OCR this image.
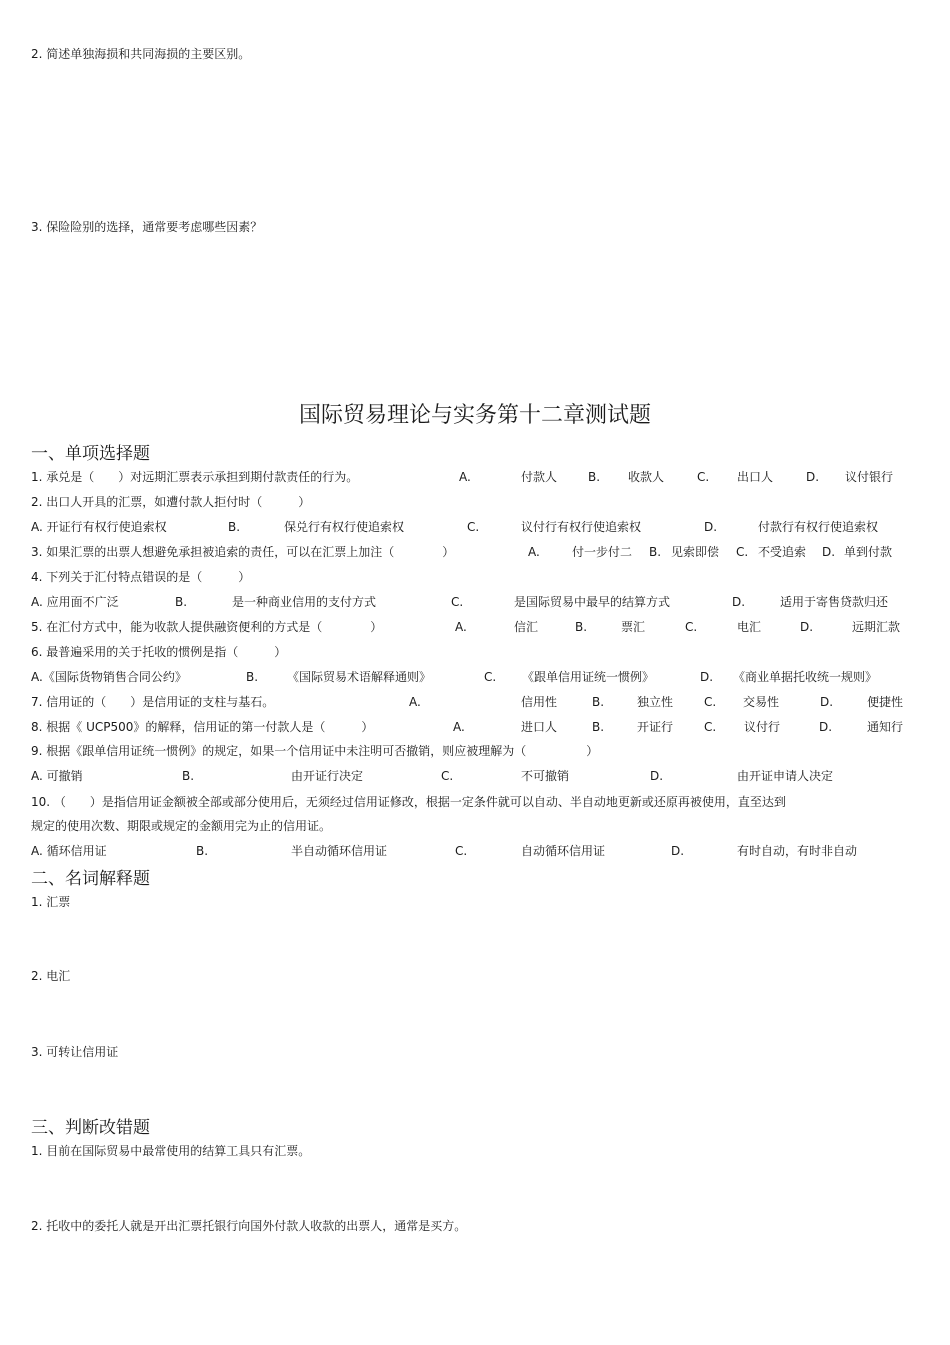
2. 简述单独海损和共同海损的主要区别。
3. 保险险别的选择，通常要考虑哪些因素？
国际贸易理论与实务第十二章测试题
一、单项选择题
1. 承兑是（　　）对远期汇票表示承担到期付款责任的行为。	A.	付款人	B. 收款人	C. 出口人	D. 议付银行
2. 出口人开具的汇票，如遭付款人拒付时（　　　）
A. 开证行有权行使追索权	B.	保兑行有权行使追索权	C.	议付行有权行使追索权	D.	付款行有权行使追索权
3. 如果汇票的出票人想避免承担被追索的责任，可以在汇票上加注（　　　　）	A.	付一步付二 B. 见索即偿 C. 不受追索 D. 单到付款
4. 下列关于汇付特点错误的是（　　　）
A. 应用面不广泛	B.	是一种商业信用的支付方式	C.	是国际贸易中最早的结算方式	D.	适用于寄售贷款归还
5. 在汇付方式中，能为收款人提供融资便利的方式是（　　　　）	A.	信汇	B.	票汇	C.	电汇	D.	远期汇款
6. 最普遍采用的关于托收的惯例是指（　　　）
A.《国际货物销售合同公约》	B. 《国际贸易术语解释通则》	C. 《跟单信用证统一惯例》	D. 《商业单据托收统一规则》
7. 信用证的（　　）是信用证的支柱与基石。	A.	信用性	B.	独立性	C. 交易性	D.	便捷性
8. 根据《 UCP500》的解释，信用证的第一付款人是（　　　）	A.	进口人	B.	开证行	C. 议付行	D.	通知行
9. 根据《跟单信用证统一惯例》的规定，如果一个信用证中未注明可否撤销，则应被理解为（　　　　　）
A. 可撤销	B.	由开证行决定	C.	不可撤销	D.	由开证申请人决定
10. （　　）是指信用证金额被全部或部分使用后，无须经过信用证修改，根据一定条件就可以自动、半自动地更新或还原再被使用，直至达到
规定的使用次数、期限或规定的金额用完为止的信用证。
A. 循环信用证	B.	半自动循环信用证	C.	自动循环信用证	D.	有时自动，有时非自动
二、名词解释题
1. 汇票
2. 电汇
3. 可转让信用证
三、判断改错题
1. 目前在国际贸易中最常使用的结算工具只有汇票。
2. 托收中的委托人就是开出汇票托银行向国外付款人收款的出票人，通常是买方。
